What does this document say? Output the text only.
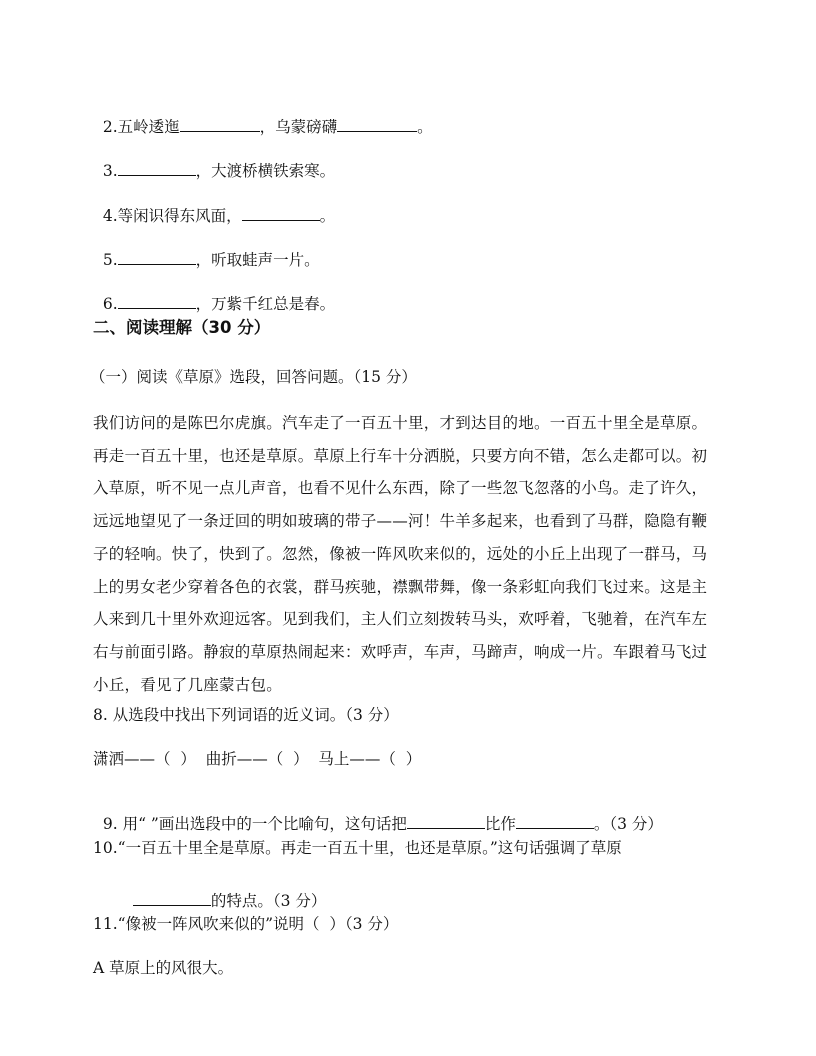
2.五岭逶迤	，乌蒙磅礴	。

3.	，大渡桥横铁索寒。

4.等闲识得东风面，	。

5.	，听取蛙声一片。

6.	，万紫千红总是春。

二、阅读理解（30 分）
（一）阅读《草原》选段，回答问题。（15 分）
我们访问的是陈巴尔虎旗。汽车走了一百五十里，才到达目的地。一百五十里全是草原。
再走一百五十里，也还是草原。草原上行车十分洒脱，只要方向不错，怎么走都可以。初
入草原，听不见一点儿声音，也看不见什么东西，除了一些忽飞忽落的小鸟。走了许久，
远远地望见了一条迂回的明如玻璃的带子——河！牛羊多起来，也看到了马群，隐隐有鞭
子的轻响。快了，快到了。忽然，像被一阵风吹来似的，远处的小丘上出现了一群马，马
上的男女老少穿着各色的衣裳，群马疾驰，襟飘带舞，像一条彩虹向我们飞过来。这是主
人来到几十里外欢迎远客。见到我们，主人们立刻拨转马头，欢呼着，飞驰着，在汽车左
右与前面引路。静寂的草原热闹起来：欢呼声，车声，马蹄声，响成一片。车跟着马飞过
小丘，看见了几座蒙古包。
8. 从选段中找出下列词语的近义词。（3 分）
潇洒——（  ）  曲折——（  ）  马上——（  ）

9. 用“ ”画出选段中的一个比喻句，这句话把	比作	。（3 分）

10.“一百五十里全是草原。再走一百五十里，也还是草原。”这句话强调了草原

的特点。（3 分）

11.“像被一阵风吹来似的”说明（  ）（3 分）
A 草原上的风很大。
